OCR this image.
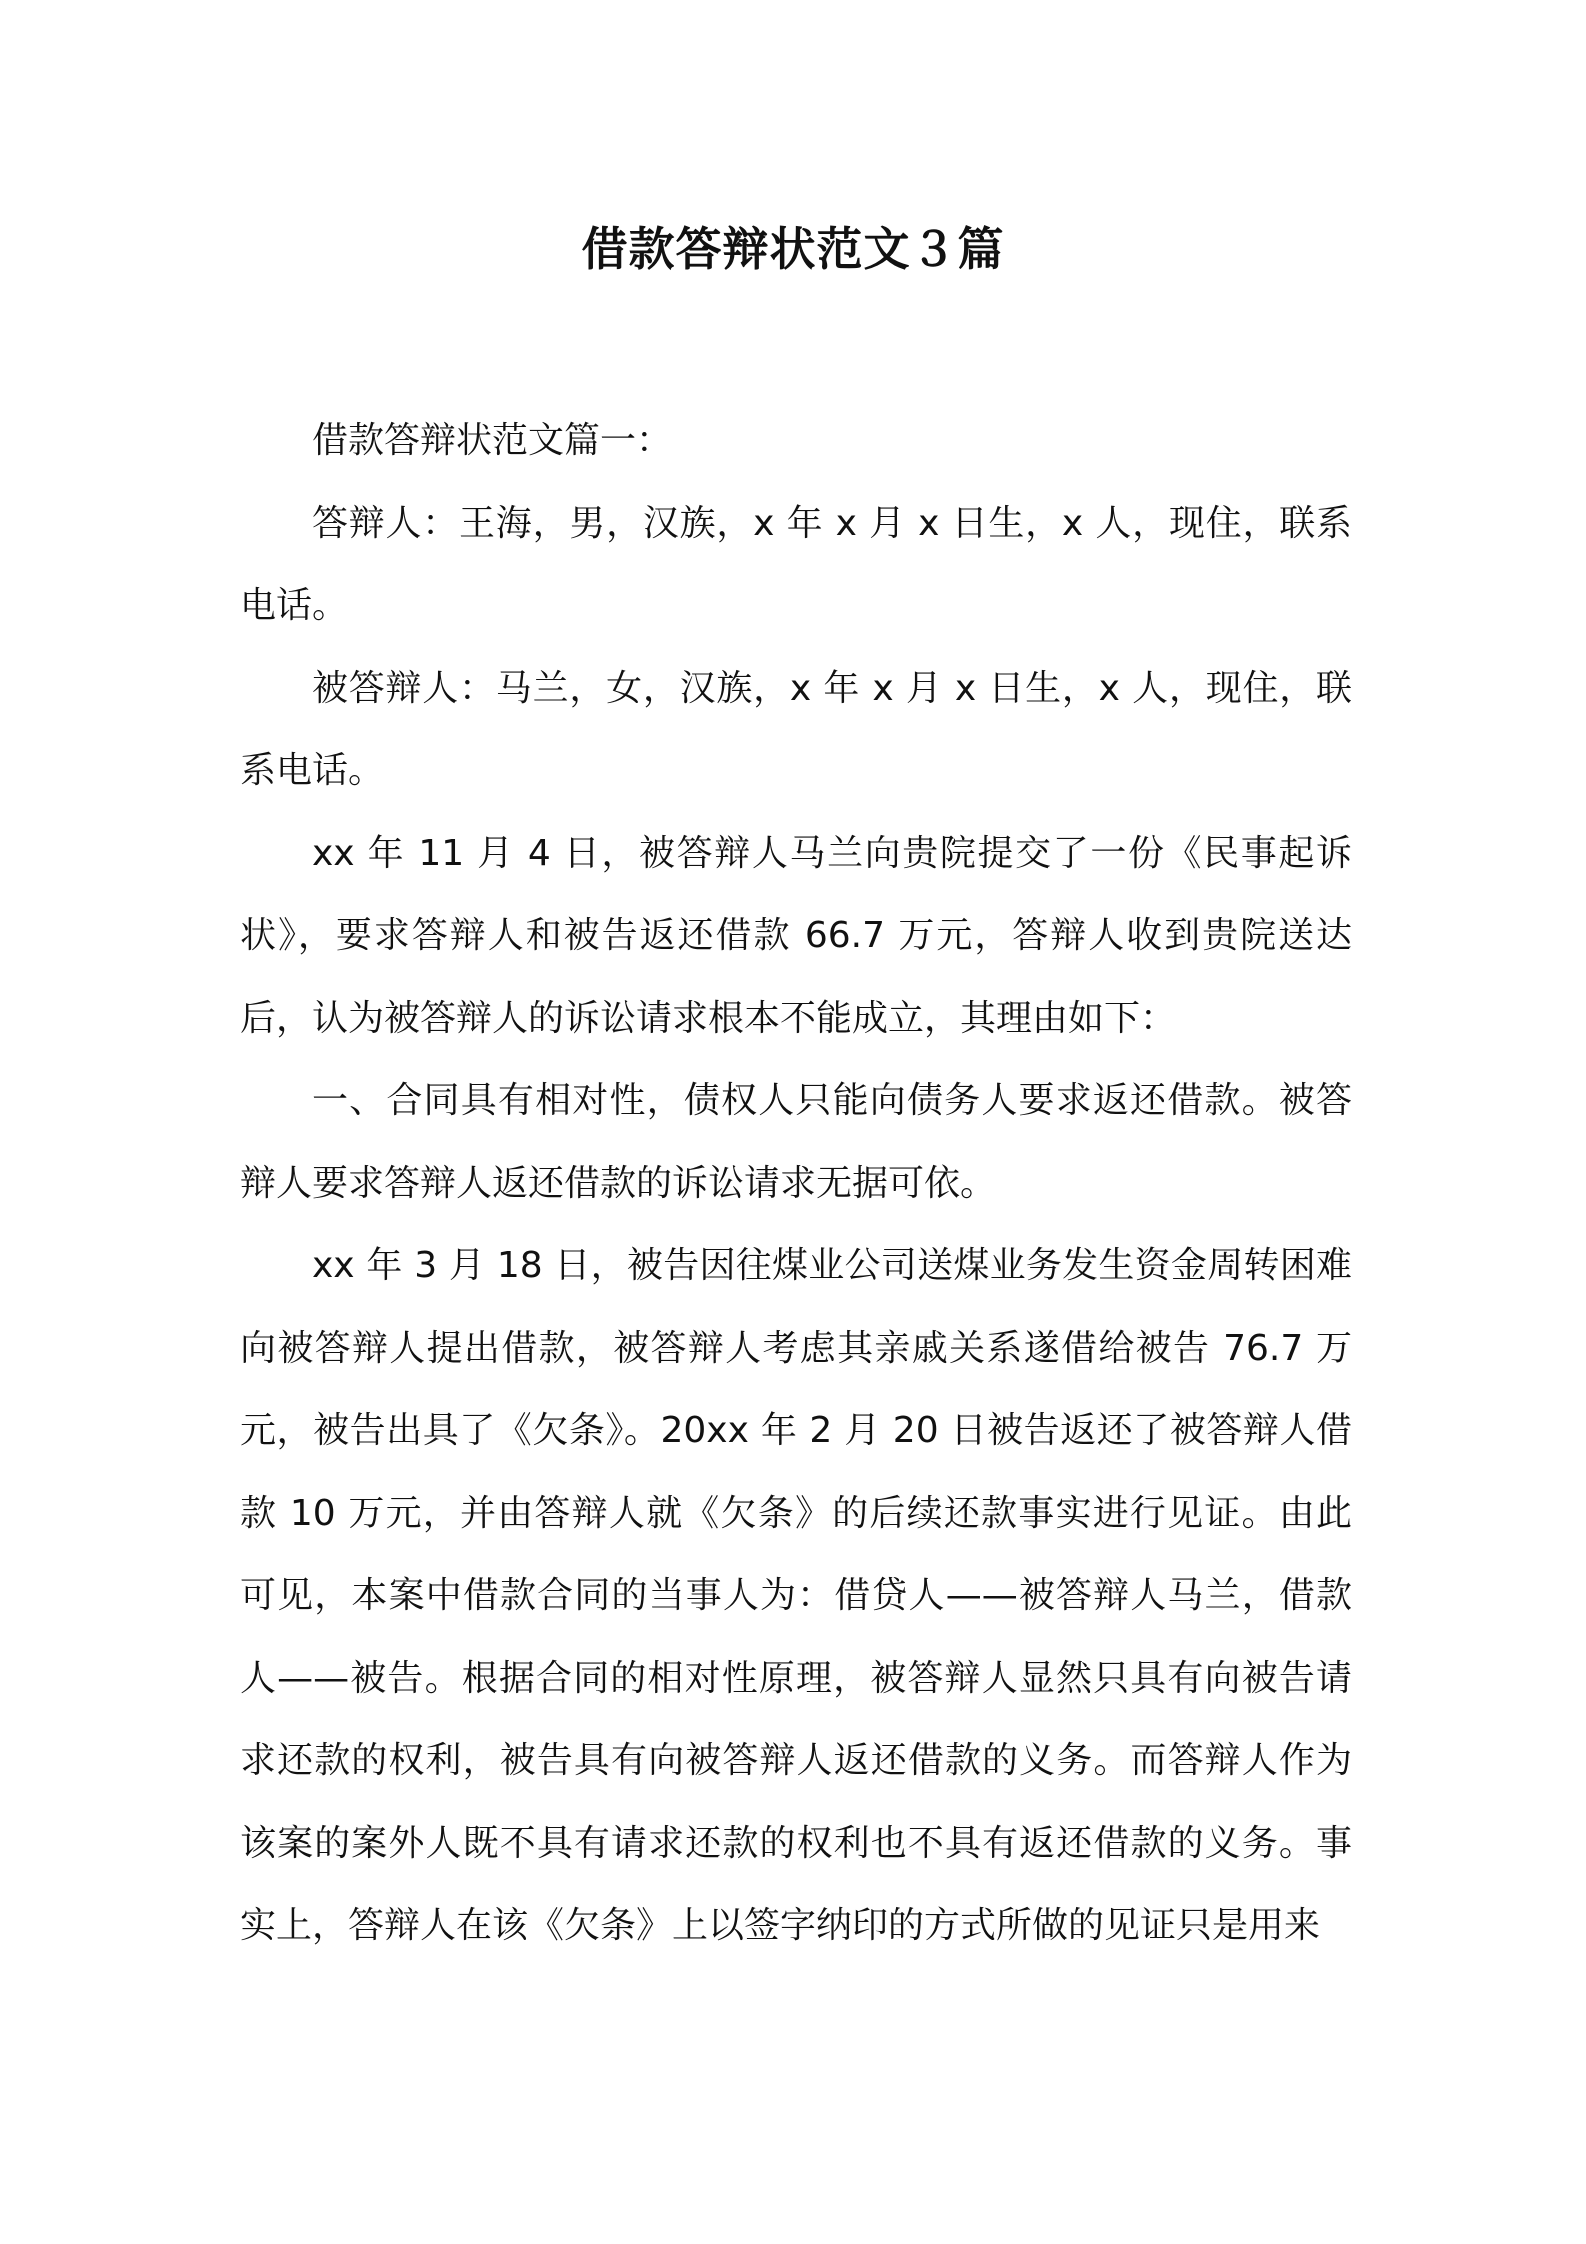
借款答辩状范文３篇

借款答辩状范文篇一：

答辩人：王海，男，汉族，x 年 x 月 x 日生，x 人，现住，联系电话。

被答辩人：马兰，女，汉族，x 年 x 月 x 日生，x 人，现住，联系电话。

xx 年 11 月 4 日，被答辩人马兰向贵院提交了一份《民事起诉状》，要求答辩人和被告返还借款 66.7 万元，答辩人收到贵院送达后，认为被答辩人的诉讼请求根本不能成立，其理由如下：

一、合同具有相对性，债权人只能向债务人要求返还借款。被答辩人要求答辩人返还借款的诉讼请求无据可依。

xx 年 3 月 18 日，被告因往煤业公司送煤业务发生资金周转困难向被答辩人提出借款，被答辩人考虑其亲戚关系遂借给被告 76.7 万元，被告出具了《欠条》。20xx 年 2 月 20 日被告返还了被答辩人借款 10 万元，并由答辩人就《欠条》的后续还款事实进行见证。由此可见，本案中借款合同的当事人为：借贷人——被答辩人马兰，借款人——被告。根据合同的相对性原理，被答辩人显然只具有向被告请求还款的权利，被告具有向被答辩人返还借款的义务。而答辩人作为该案的案外人既不具有请求还款的权利也不具有返还借款的义务。事实上，答辩人在该《欠条》上以签字纳印的方式所做的见证只是用来
